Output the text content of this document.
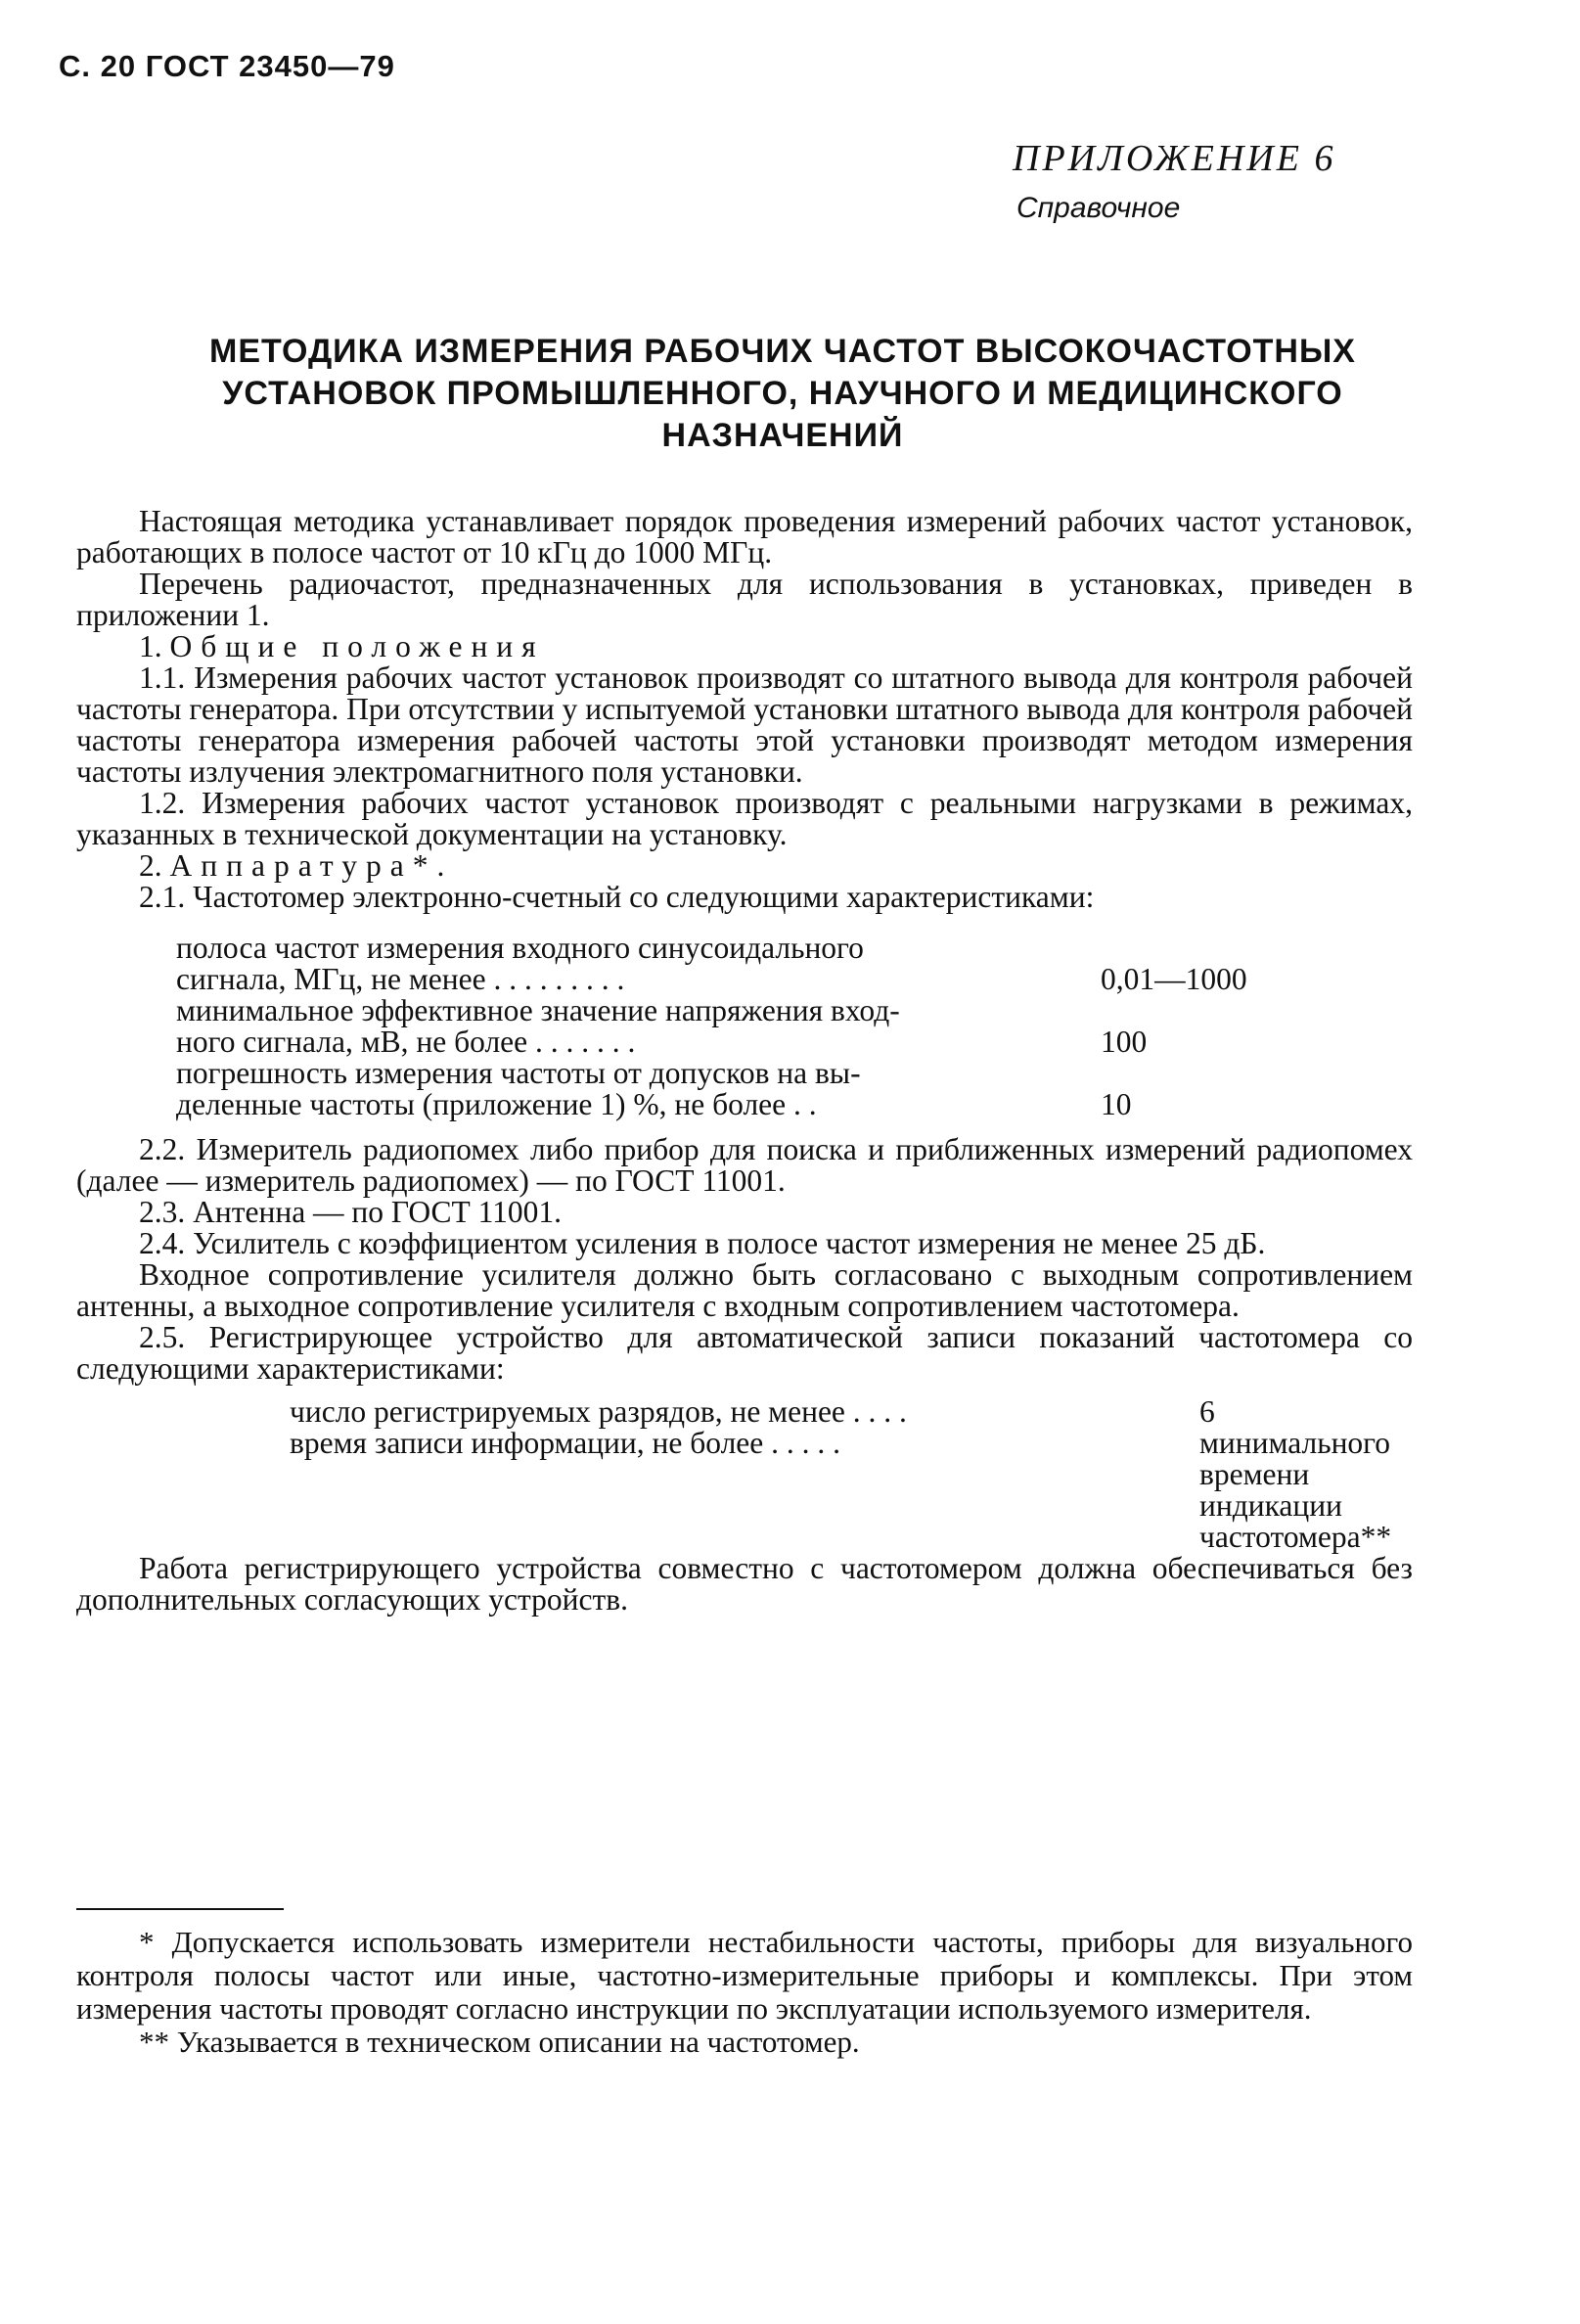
С. 20 ГОСТ 23450—79
ПРИЛОЖЕНИЕ 6
Справочное
МЕТОДИКА ИЗМЕРЕНИЯ РАБОЧИХ ЧАСТОТ ВЫСОКОЧАСТОТНЫХ
УСТАНОВОК ПРОМЫШЛЕННОГО, НАУЧНОГО И МЕДИЦИНСКОГО
НАЗНАЧЕНИЙ

Настоящая методика устанавливает порядок проведения измерений рабочих частот установок, работающих в полосе частот от 10 кГц до 1000 МГц.

Перечень радиочастот, предназначенных для использования в установках, приведен в приложении 1.

1. Общие положения

1.1. Измерения рабочих частот установок производят со штатного вывода для контроля рабочей частоты генератора. При отсутствии у испытуемой установки штатного вывода для контроля рабочей частоты генератора измерения рабочей частоты этой установки производят методом измерения частоты излучения электромагнитного поля установки.

1.2. Измерения рабочих частот установок производят с реальными нагрузками в режимах, указанных в технической документации на установку.

2. Аппаратура*.

2.1. Частотомер электронно-счетный со следующими характеристиками:

полоса частот измерения входного синусоидального
сигнала, МГц, не менее . . . . . . . . .	0,01—1000
минимальное эффективное значение напряжения вход-
ного сигнала, мВ, не более . . . . . . .	100
погрешность измерения частоты от допусков на вы-
деленные частоты (приложение 1) %, не более . .	10

2.2. Измеритель радиопомех либо прибор для поиска и приближенных измерений радиопомех (далее — измеритель радиопомех) — по ГОСТ 11001.

2.3. Антенна — по ГОСТ 11001.

2.4. Усилитель с коэффициентом усиления в полосе частот измерения не менее 25 дБ.

Входное сопротивление усилителя должно быть согласовано с выходным сопротивлением антенны, а выходное сопротивление усилителя с входным сопротивлением частотомера.

2.5. Регистрирующее устройство для автоматической записи показаний частотомера со следующими характеристиками:

число регистрируемых разрядов, не менее . . . .	6
время записи информации, не более . . . . .	минимального времени индикации частотомера**

Работа регистрирующего устройства совместно с частотомером должна обеспечиваться без дополнительных согласующих устройств.

* Допускается использовать измерители нестабильности частоты, приборы для визуального контроля полосы частот или иные, частотно-измерительные приборы и комплексы. При этом измерения частоты проводят согласно инструкции по эксплуатации используемого измерителя.

** Указывается в техническом описании на частотомер.
